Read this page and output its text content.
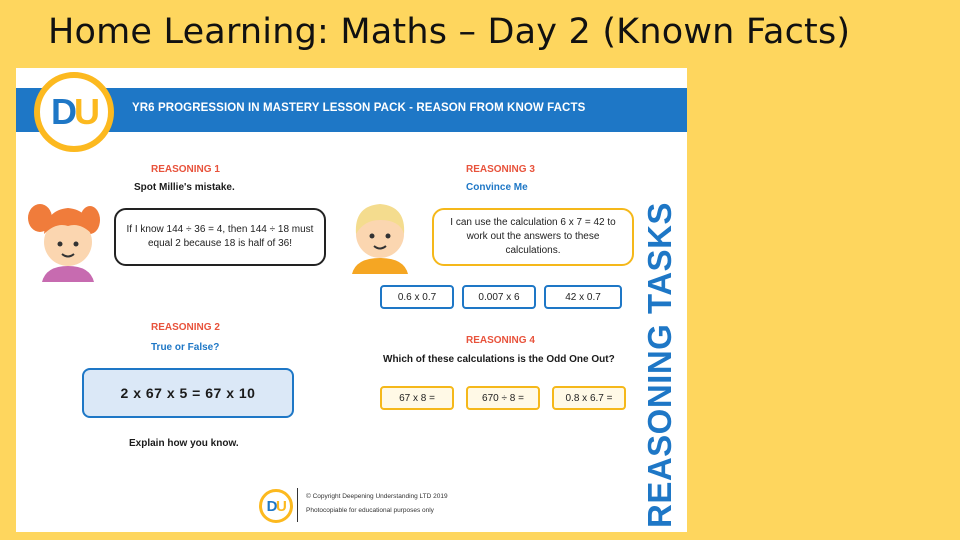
Home Learning: Maths – Day 2 (Known Facts)
YR6 PROGRESSION IN MASTERY LESSON PACK - REASON FROM KNOW FACTS
D U
REASONING 1
Spot Millie's mistake.
If I know 144 ÷ 36 = 4, then 144 ÷ 18 must equal 2 because 18 is half of 36!
REASONING 2
True or False?
2 x 67 x 5 = 67 x 10
Explain how you know.
REASONING 3
Convince Me
I can use the calculation 6 x 7 = 42 to work out the answers to these calculations.
0.6 x 0.7	0.007 x 6	42 x 0.7
REASONING 4
Which of these calculations is the Odd One Out?
67 x 8 =	670 ÷ 8 =	0.8 x 6.7 = REASONING TASKS
D U
© Copyright Deepening Understanding LTD 2019
Photocopiable for educational purposes only
